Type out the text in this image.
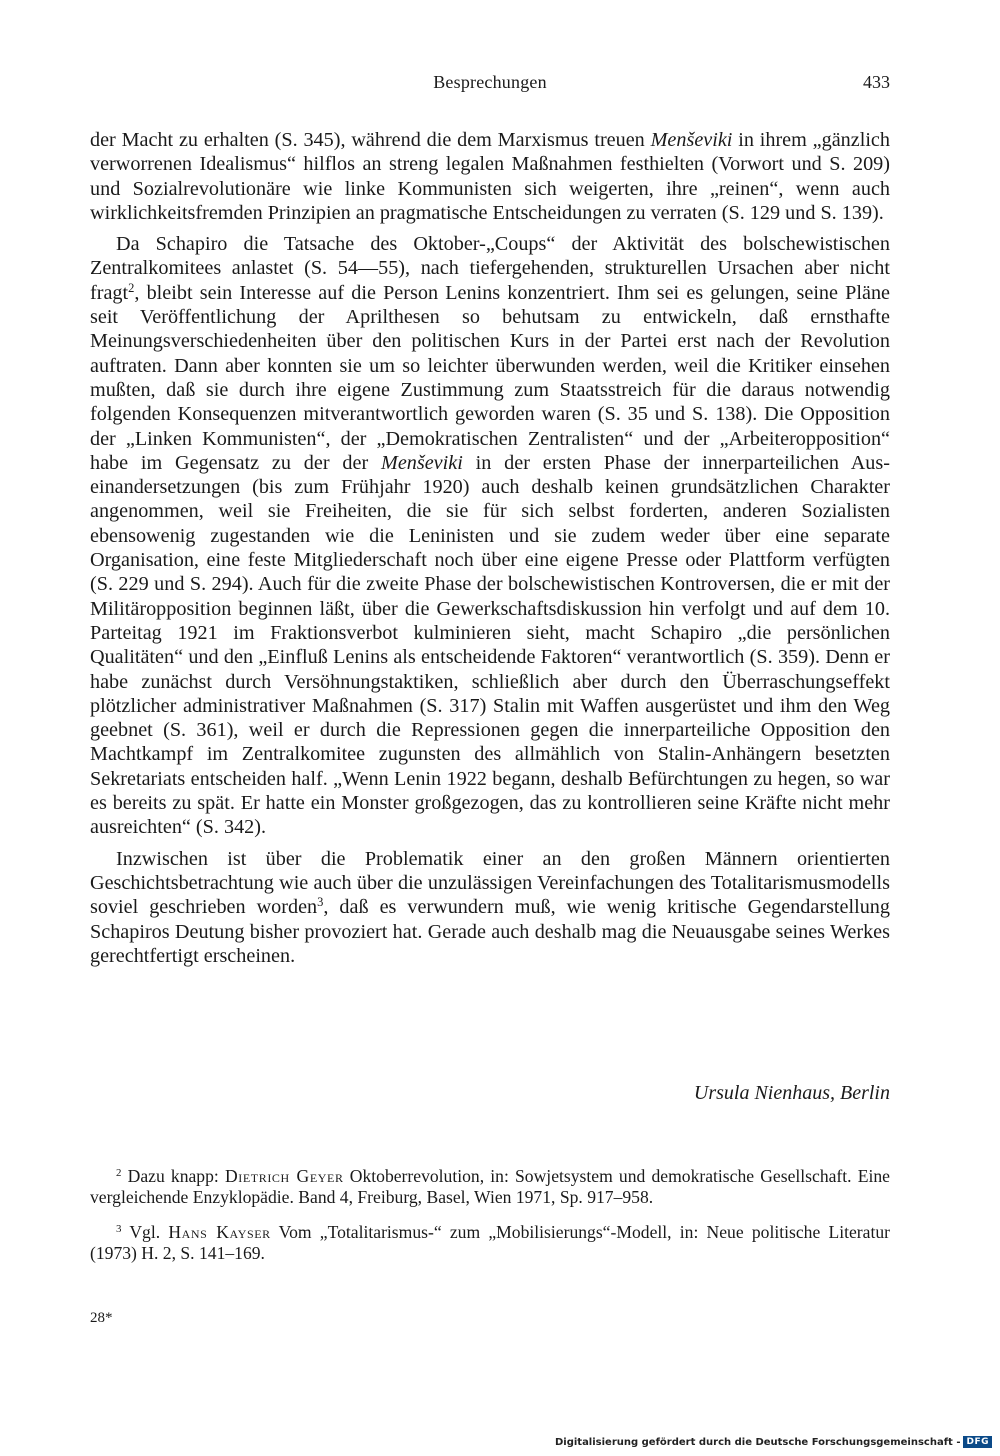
Besprechungen	433

der Macht zu erhalten (S. 345), während die dem Marxismus treuen Menševiki in ihrem „gänzlich verworrenen Idealismus“ hilflos an streng legalen Maßnahmen festhielten (Vorwort und S. 209) und Sozialrevolutionäre wie linke Kommunisten sich weigerten, ihre „reinen“, wenn auch wirklichkeitsfremden Prinzipien an pragmatische Entscheidungen zu verraten (S. 129 und S. 139).

Da Schapiro die Tatsache des Oktober-„Coups“ der Aktivität des bolschewistischen Zentralkomitees anlastet (S. 54—55), nach tiefergehenden, strukturellen Ursachen aber nicht fragt$^2$, bleibt sein Interesse auf die Person Lenins konzentriert. Ihm sei es gelungen, seine Pläne seit Veröffentlichung der Aprilthesen so behutsam zu entwickeln, daß ernsthafte Meinungsverschiedenheiten über den politischen Kurs in der Partei erst nach der Revolution auftraten. Dann aber konnten sie um so leichter überwunden werden, weil die Kritiker einsehen mußten, daß sie durch ihre eigene Zustimmung zum Staatsstreich für die daraus notwendig folgenden Konsequenzen mitverantwortlich geworden waren (S. 35 und S. 138). Die Opposition der „Linken Kommunisten“, der „Demokratischen Zentralisten“ und der „Arbeiteropposition“ habe im Gegensatz zu der der Menševiki in der ersten Phase der innerparteilichen Auseinandersetzungen (bis zum Frühjahr 1920) auch deshalb keinen grundsätzlichen Charakter angenommen, weil sie Freiheiten, die sie für sich selbst forderten, anderen Sozialisten ebensowenig zugestanden wie die Leninisten und sie zudem weder über eine separate Organisation, eine feste Mitgliederschaft noch über eine eigene Presse oder Plattform verfügten (S. 229 und S. 294). Auch für die zweite Phase der bolschewistischen Kontroversen, die er mit der Militäropposition beginnen läßt, über die Gewerkschaftsdiskussion hin verfolgt und auf dem 10. Parteitag 1921 im Fraktionsverbot kulminieren sieht, macht Schapiro „die persönlichen Qualitäten“ und den „Einfluß Lenins als entscheidende Faktoren“ verantwortlich (S. 359). Denn er habe zunächst durch Versöhnungstaktiken, schließlich aber durch den Überraschungseffekt plötzlicher administrativer Maßnahmen (S. 317) Stalin mit Waffen ausgerüstet und ihm den Weg geebnet (S. 361), weil er durch die Repressionen gegen die innerparteiliche Opposition den Machtkampf im Zentralkomitee zugunsten des allmählich von Stalin-Anhängern besetzten Sekretariats entscheiden half. „Wenn Lenin 1922 begann, deshalb Befürchtungen zu hegen, so war es bereits zu spät. Er hatte ein Monster großgezogen, das zu kontrollieren seine Kräfte nicht mehr ausreichten“ (S. 342).

Inzwischen ist über die Problematik einer an den großen Männern orientierten Geschichtsbetrachtung wie auch über die unzulässigen Vereinfachungen des Totalitarismusmodells soviel geschrieben worden$^3$, daß es verwundern muß, wie wenig kritische Gegendarstellung Schapiros Deutung bisher provoziert hat. Gerade auch deshalb mag die Neuausgabe seines Werkes gerechtfertigt erscheinen.

Ursula Nienhaus, Berlin

$^2$ Dazu knapp: Dietrich Geyer Oktoberrevolution, in: Sowjetsystem und demokratische Gesellschaft. Eine vergleichende Enzyklopädie. Band 4, Freiburg, Basel, Wien 1971, Sp. 917–958.

$^3$ Vgl. Hans Kayser Vom „Totalitarismus-“ zum „Mobilisierungs“-Modell, in: Neue politische Literatur (1973) H. 2, S. 141–169.

28*
Digitalisierung gefördert durch die Deutsche Forschungsgemeinschaft - DFG
